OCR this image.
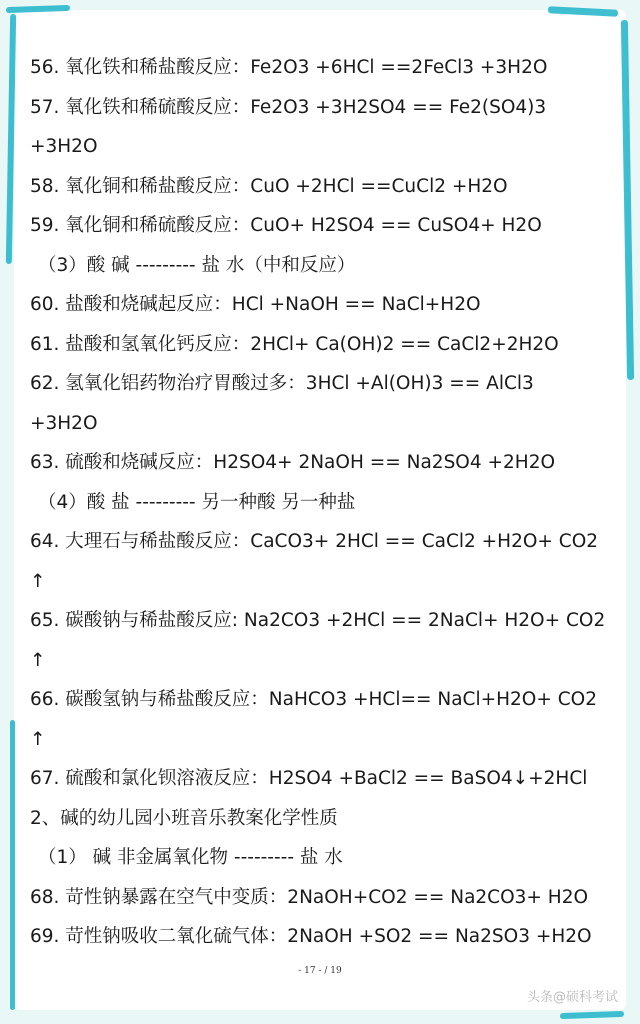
56. 氧化铁和稀盐酸反应：Fe2O3 +6HCl ==2FeCl3 +3H2O
57. 氧化铁和稀硫酸反应：Fe2O3 +3H2SO4 == Fe2(SO4)3
+3H2O
58. 氧化铜和稀盐酸反应：CuO +2HCl ==CuCl2 +H2O
59. 氧化铜和稀硫酸反应：CuO+ H2SO4 == CuSO4+ H2O
（3）酸 碱 --------- 盐 水（中和反应）
60. 盐酸和烧碱起反应：HCl +NaOH == NaCl+H2O
61. 盐酸和氢氧化钙反应：2HCl+ Ca(OH)2 == CaCl2+2H2O
62. 氢氧化铝药物治疗胃酸过多：3HCl +Al(OH)3 == AlCl3
+3H2O
63. 硫酸和烧碱反应：H2SO4+ 2NaOH == Na2SO4 +2H2O
（4）酸 盐 --------- 另一种酸 另一种盐
64. 大理石与稀盐酸反应：CaCO3+ 2HCl == CaCl2 +H2O+ CO2
↑
65. 碳酸钠与稀盐酸反应: Na2CO3 +2HCl == 2NaCl+ H2O+ CO2
↑
66. 碳酸氢钠与稀盐酸反应：NaHCO3 +HCl== NaCl+H2O+ CO2
↑
67. 硫酸和氯化钡溶液反应：H2SO4 +BaCl2 == BaSO4↓+2HCl
2、碱的幼儿园小班音乐教案化学性质
（1） 碱 非金属氧化物 --------- 盐 水
68. 苛性钠暴露在空气中变质：2NaOH+CO2 == Na2CO3+ H2O
69. 苛性钠吸收二氧化硫气体：2NaOH +SO2 == Na2SO3 +H2O
- 17 - / 19
头条@硕科考试
